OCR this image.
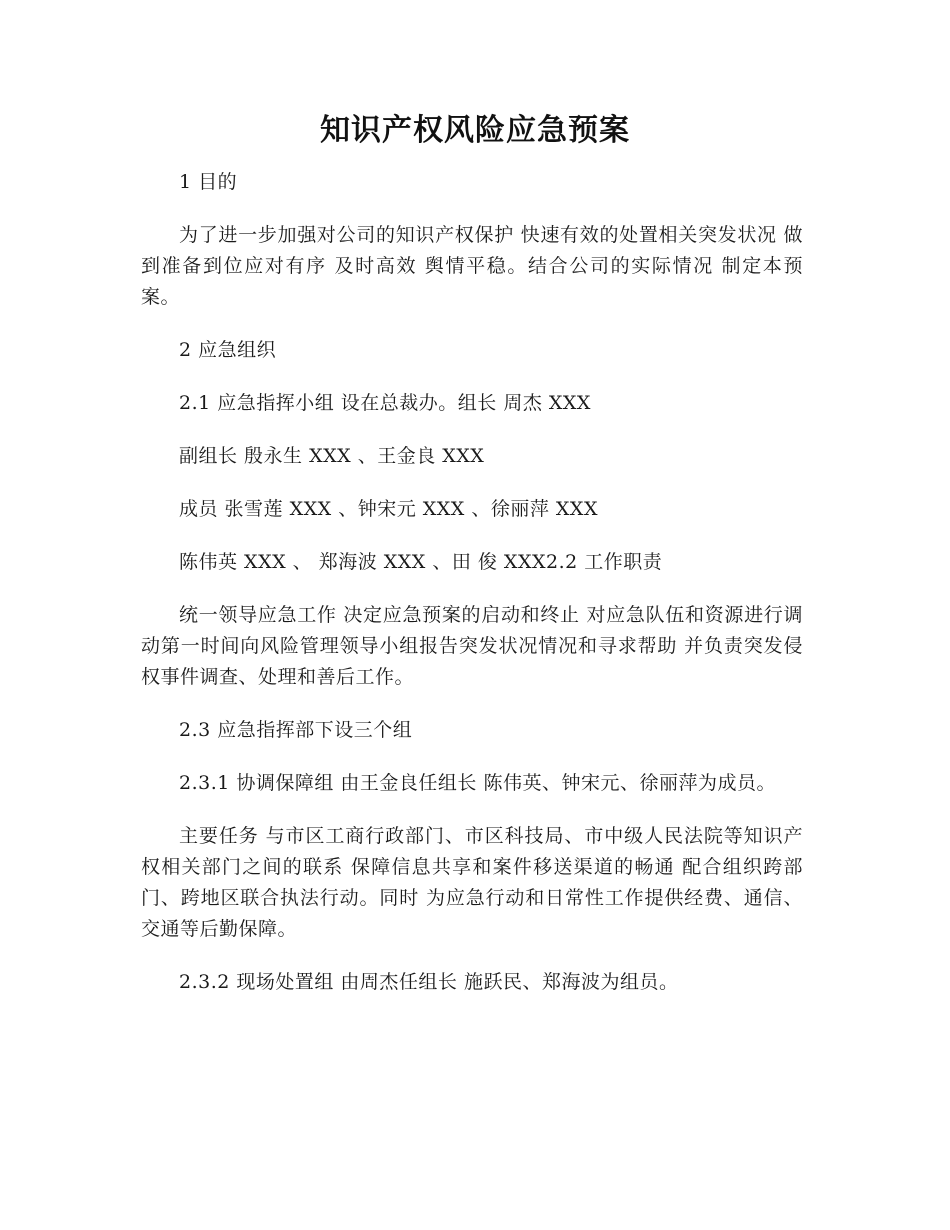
知识产权风险应急预案

1 目的

为了进一步加强对公司的知识产权保护 快速有效的处置相关突发状况 做到准备到位应对有序 及时高效 舆情平稳。结合公司的实际情况 制定本预案。

2 应急组织

2.1 应急指挥小组 设在总裁办。组长 周杰 XXX

副组长 殷永生 XXX 、王金良 XXX

成员 张雪莲 XXX 、钟宋元 XXX 、徐丽萍 XXX

陈伟英 XXX 、 郑海波 XXX 、田 俊 XXX2.2 工作职责

统一领导应急工作 决定应急预案的启动和终止 对应急队伍和资源进行调动第一时间向风险管理领导小组报告突发状况情况和寻求帮助 并负责突发侵权事件调查、处理和善后工作。

2.3 应急指挥部下设三个组

2.3.1 协调保障组 由王金良任组长 陈伟英、钟宋元、徐丽萍为成员。

主要任务 与市区工商行政部门、市区科技局、市中级人民法院等知识产权相关部门之间的联系 保障信息共享和案件移送渠道的畅通 配合组织跨部门、跨地区联合执法行动。同时 为应急行动和日常性工作提供经费、通信、交通等后勤保障。

2.3.2 现场处置组 由周杰任组长 施跃民、郑海波为组员。
